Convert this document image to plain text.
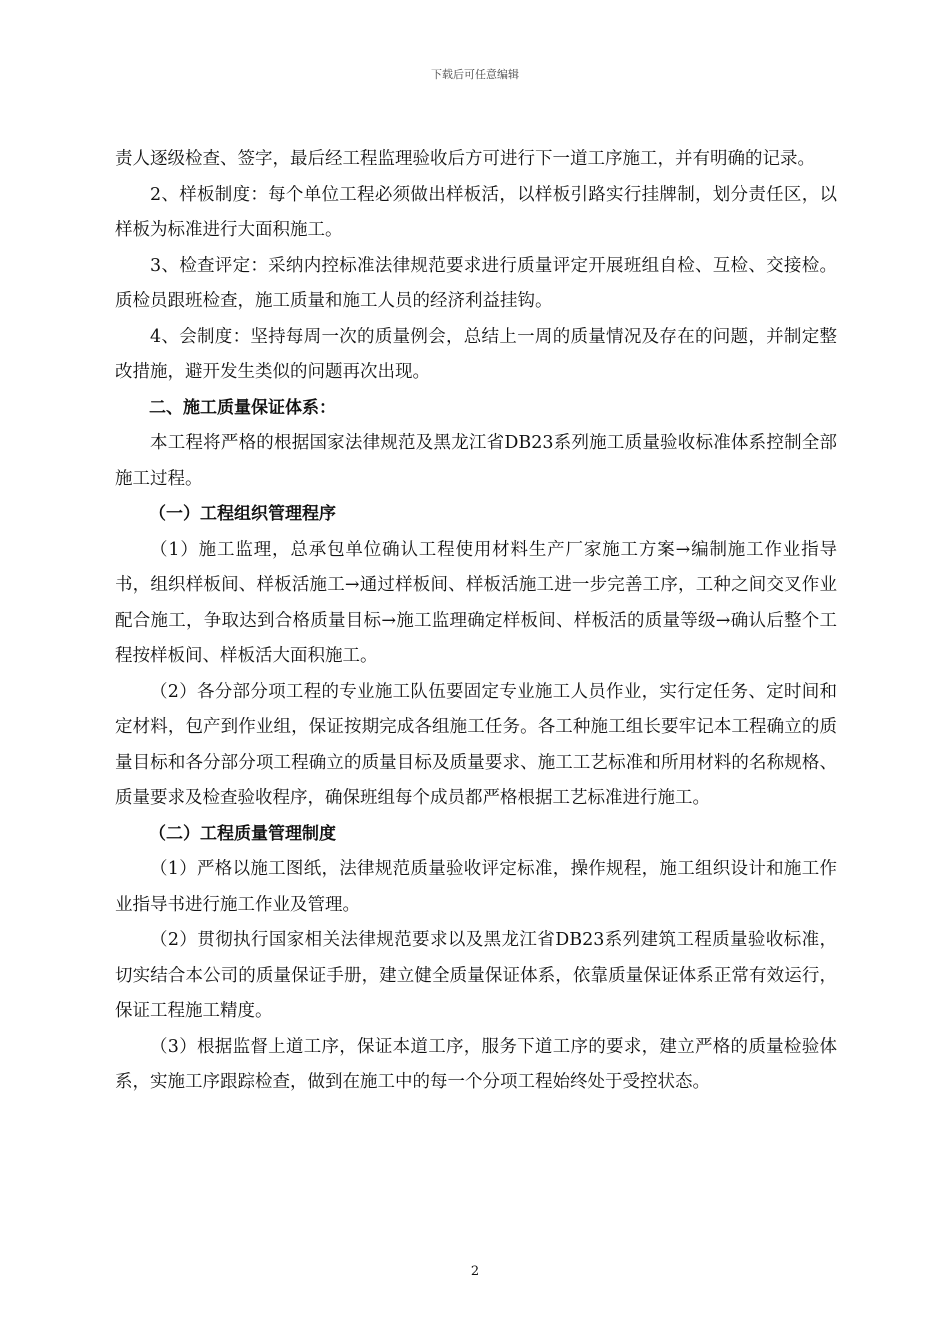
下载后可任意编辑

责人逐级检查、签字，最后经工程监理验收后方可进行下一道工序施工，并有明确的记录。

2、样板制度：每个单位工程必须做出样板活，以样板引路实行挂牌制，划分责任区，以样板为标准进行大面积施工。

3、检查评定：采纳内控标准法律规范要求进行质量评定开展班组自检、互检、交接检。质检员跟班检查，施工质量和施工人员的经济利益挂钩。

4、会制度：坚持每周一次的质量例会，总结上一周的质量情况及存在的问题，并制定整改措施，避开发生类似的问题再次出现。

二、施工质量保证体系：

本工程将严格的根据国家法律规范及黑龙江省DB23系列施工质量验收标准体系控制全部施工过程。

（一）工程组织管理程序

（1）施工监理，总承包单位确认工程使用材料生产厂家施工方案→编制施工作业指导书，组织样板间、样板活施工→通过样板间、样板活施工进一步完善工序，工种之间交叉作业配合施工，争取达到合格质量目标→施工监理确定样板间、样板活的质量等级→确认后整个工程按样板间、样板活大面积施工。

（2）各分部分项工程的专业施工队伍要固定专业施工人员作业，实行定任务、定时间和定材料，包产到作业组，保证按期完成各组施工任务。各工种施工组长要牢记本工程确立的质量目标和各分部分项工程确立的质量目标及质量要求、施工工艺标准和所用材料的名称规格、质量要求及检查验收程序，确保班组每个成员都严格根据工艺标准进行施工。

（二）工程质量管理制度

（1）严格以施工图纸，法律规范质量验收评定标准，操作规程，施工组织设计和施工作业指导书进行施工作业及管理。

（2）贯彻执行国家相关法律规范要求以及黑龙江省DB23系列建筑工程质量验收标准，切实结合本公司的质量保证手册，建立健全质量保证体系，依靠质量保证体系正常有效运行，保证工程施工精度。

（3）根据监督上道工序，保证本道工序，服务下道工序的要求，建立严格的质量检验体系，实施工序跟踪检查，做到在施工中的每一个分项工程始终处于受控状态。

2
